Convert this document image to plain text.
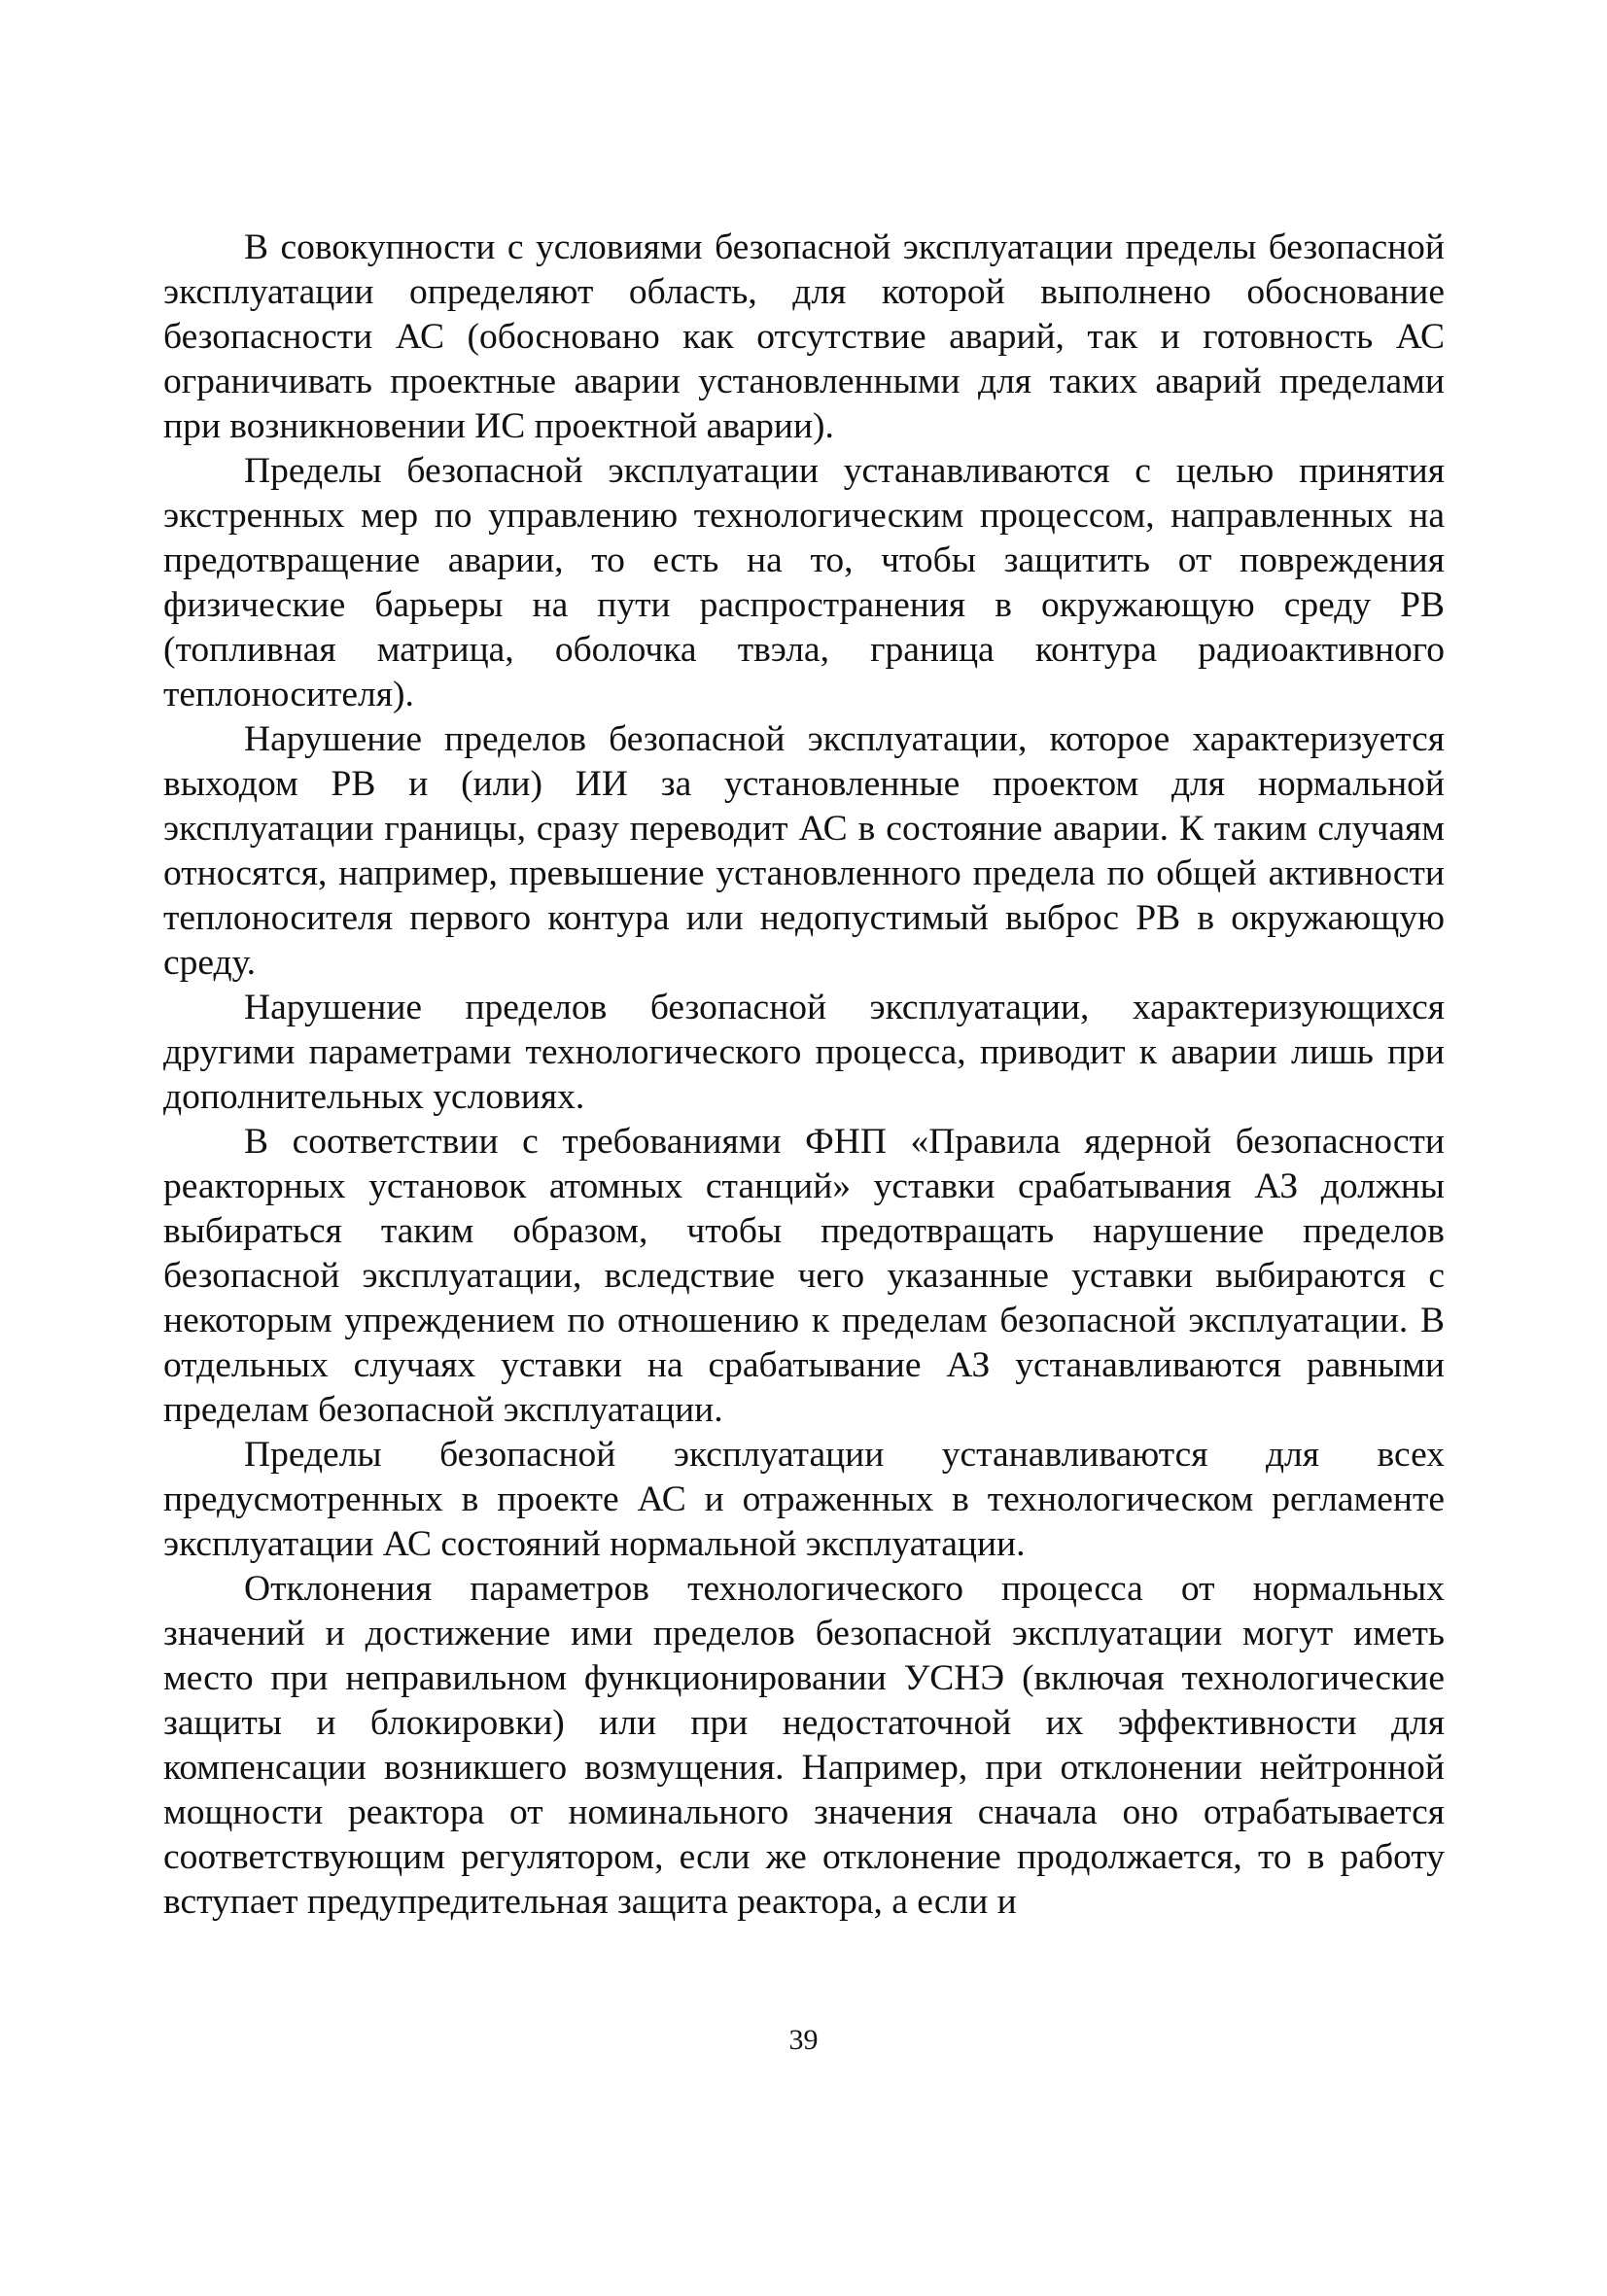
В совокупности с условиями безопасной эксплуатации пределы безопасной эксплуатации определяют область, для которой выполнено обоснование безопасности АС (обосновано как отсутствие аварий, так и готовность АС ограничивать проектные аварии установленными для таких аварий пределами при возникновении ИС проектной аварии).

Пределы безопасной эксплуатации устанавливаются с целью принятия экстренных мер по управлению технологическим процессом, направленных на предотвращение аварии, то есть на то, чтобы защитить от повреждения физические барьеры на пути распространения в окружающую среду РВ (топливная матрица, оболочка твэла, граница контура радиоактивного теплоносителя).

Нарушение пределов безопасной эксплуатации, которое характеризуется выходом РВ и (или) ИИ за установленные проектом для нормальной эксплуатации границы, сразу переводит АС в состояние аварии. К таким случаям относятся, например, превышение установленного предела по общей активности теплоносителя первого контура или недопустимый выброс РВ в окружающую среду.

Нарушение пределов безопасной эксплуатации, характеризующихся другими параметрами технологического процесса, приводит к аварии лишь при дополнительных условиях.

В соответствии с требованиями ФНП «Правила ядерной безопасности реакторных установок атомных станций» уставки срабатывания АЗ должны выбираться таким образом, чтобы предотвращать нарушение пределов безопасной эксплуатации, вследствие чего указанные уставки выбираются с некоторым упреждением по отношению к пределам безопасной эксплуатации. В отдельных случаях уставки на срабатывание АЗ устанавливаются равными пределам безопасной эксплуатации.

Пределы безопасной эксплуатации устанавливаются для всех предусмотренных в проекте АС и отраженных в технологическом регламенте эксплуатации АС состояний нормальной эксплуатации.

Отклонения параметров технологического процесса от нормальных значений и достижение ими пределов безопасной эксплуатации могут иметь место при неправильном функционировании УСНЭ (включая технологические защиты и блокировки) или при недостаточной их эффективности для компенсации возникшего возмущения. Например, при отклонении нейтронной мощности реактора от номинального значения сначала оно отрабатывается соответствующим регулятором, если же отклонение продолжается, то в работу вступает предупредительная защита реактора, а если и

39
